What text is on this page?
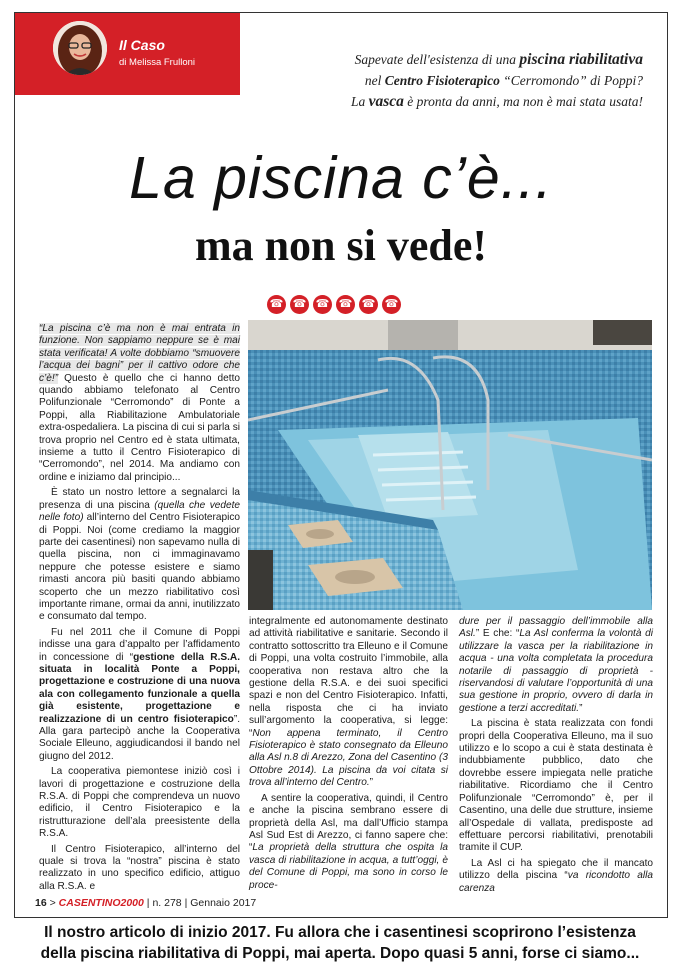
Il Caso
di Melissa Frulloni	Sapevate dell'esistenza di una piscina riabilitativa
nel Centro Fisioterapico “Cerromondo” di Poppi?
La vasca è pronta da anni, ma non è mai stata usata!
La piscina c’è...
ma non si vede!
☎ ☎ ☎ ☎ ☎ ☎

“La piscina c’è ma non è mai entrata in funzione. Non sappiamo neppure se è mai stata verificata! A volte dobbiamo “smuovere l’acqua dei bagni” per il cattivo odore che c’è!” Questo è quello che ci hanno detto quando abbiamo telefonato al Centro Polifunzionale “Cerromondo” di Ponte a Poppi, alla Riabilitazione Ambulatoriale extra-ospedaliera. La piscina di cui si parla si trova proprio nel Centro ed è stata ultimata, insieme a tutto il Centro Fisioterapico di “Cerromondo”, nel 2014. Ma andiamo con ordine e iniziamo dal principio...

È stato un nostro lettore a segnalarci la presenza di una piscina (quella che vedete nelle foto) all’interno del Centro Fisioterapico di Poppi. Noi (come crediamo la maggior parte dei casentinesi) non sapevamo nulla di quella piscina, non ci immaginavamo neppure che potesse esistere e siamo rimasti ancora più basiti quando abbiamo scoperto che un mezzo riabilitativo così importante rimane, ormai da anni, inutilizzato e consumato dal tempo.

Fu nel 2011 che il Comune di Poppi indisse una gara d’appalto per l’affidamento in concessione di “gestione della R.S.A. situata in località Ponte a Poppi, progettazione e costruzione di una nuova ala con collegamento funzionale a quella già esistente, progettazione e realizzazione di un centro fisioterapico”. Alla gara partecipò anche la Cooperativa Sociale Elleuno, aggiudicandosi il bando nel giugno del 2012.

La cooperativa piemontese iniziò così i lavori di progettazione e costruzione della R.S.A. di Poppi che comprendeva un nuovo edificio, il Centro Fisioterapico e la ristrutturazione dell’ala preesistente della R.S.A.

Il Centro Fisioterapico, all’interno del quale si trova la “nostra” piscina è stato realizzato in uno specifico edificio, attiguo alla R.S.A. e

integralmente ed autonomamente destinato ad attività riabilitative e sanitarie. Secondo il contratto sottoscritto tra Elleuno e il Comune di Poppi, una volta costruito l’immobile, alla cooperativa non restava altro che la gestione della R.S.A. e dei suoi specifici spazi e non del Centro Fisioterapico. Infatti, nella risposta che ci ha inviato sull’argomento la cooperativa, si legge: “Non appena terminato, il Centro Fisioterapico è stato consegnato da Elleuno alla Asl n.8 di Arezzo, Zona del Casentino (3 Ottobre 2014). La piscina da voi citata si trova all’interno del Centro.”

A sentire la cooperativa, quindi, il Centro e anche la piscina sembrano essere di proprietà della Asl, ma dall’Ufficio stampa Asl Sud Est di Arezzo, ci fanno sapere che: “La proprietà della struttura che ospita la vasca di riabilitazione in acqua, a tutt’oggi, è del Comune di Poppi, ma sono in corso le proce-

dure per il passaggio dell’immobile alla Asl.” E che: “La Asl conferma la volontà di utilizzare la vasca per la riabilitazione in acqua - una volta completata la procedura notarile di passaggio di proprietà - riservandosi di valutare l’opportunità di una sua gestione in proprio, ovvero di darla in gestione a terzi accreditati.”

La piscina è stata realizzata con fondi propri della Cooperativa Elleuno, ma il suo utilizzo e lo scopo a cui è stata destinata è indubbiamente pubblico, dato che dovrebbe essere impiegata nelle pratiche riabilitative. Ricordiamo che il Centro Polifunzionale “Cerromondo” è, per il Casentino, una delle due strutture, insieme all’Ospedale di vallata, predisposte ad effettuare percorsi riabilitativi, prenotabili tramite il CUP.

La Asl ci ha spiegato che il mancato utilizzo della piscina “va ricondotto alla carenza

16 > CASENTINO2000 | n. 278 | Gennaio 2017
Il nostro articolo di inizio 2017. Fu allora che i casentinesi scoprirono l’esistenza
della piscina riabilitativa di Poppi, mai aperta. Dopo quasi 5 anni, forse ci siamo...
